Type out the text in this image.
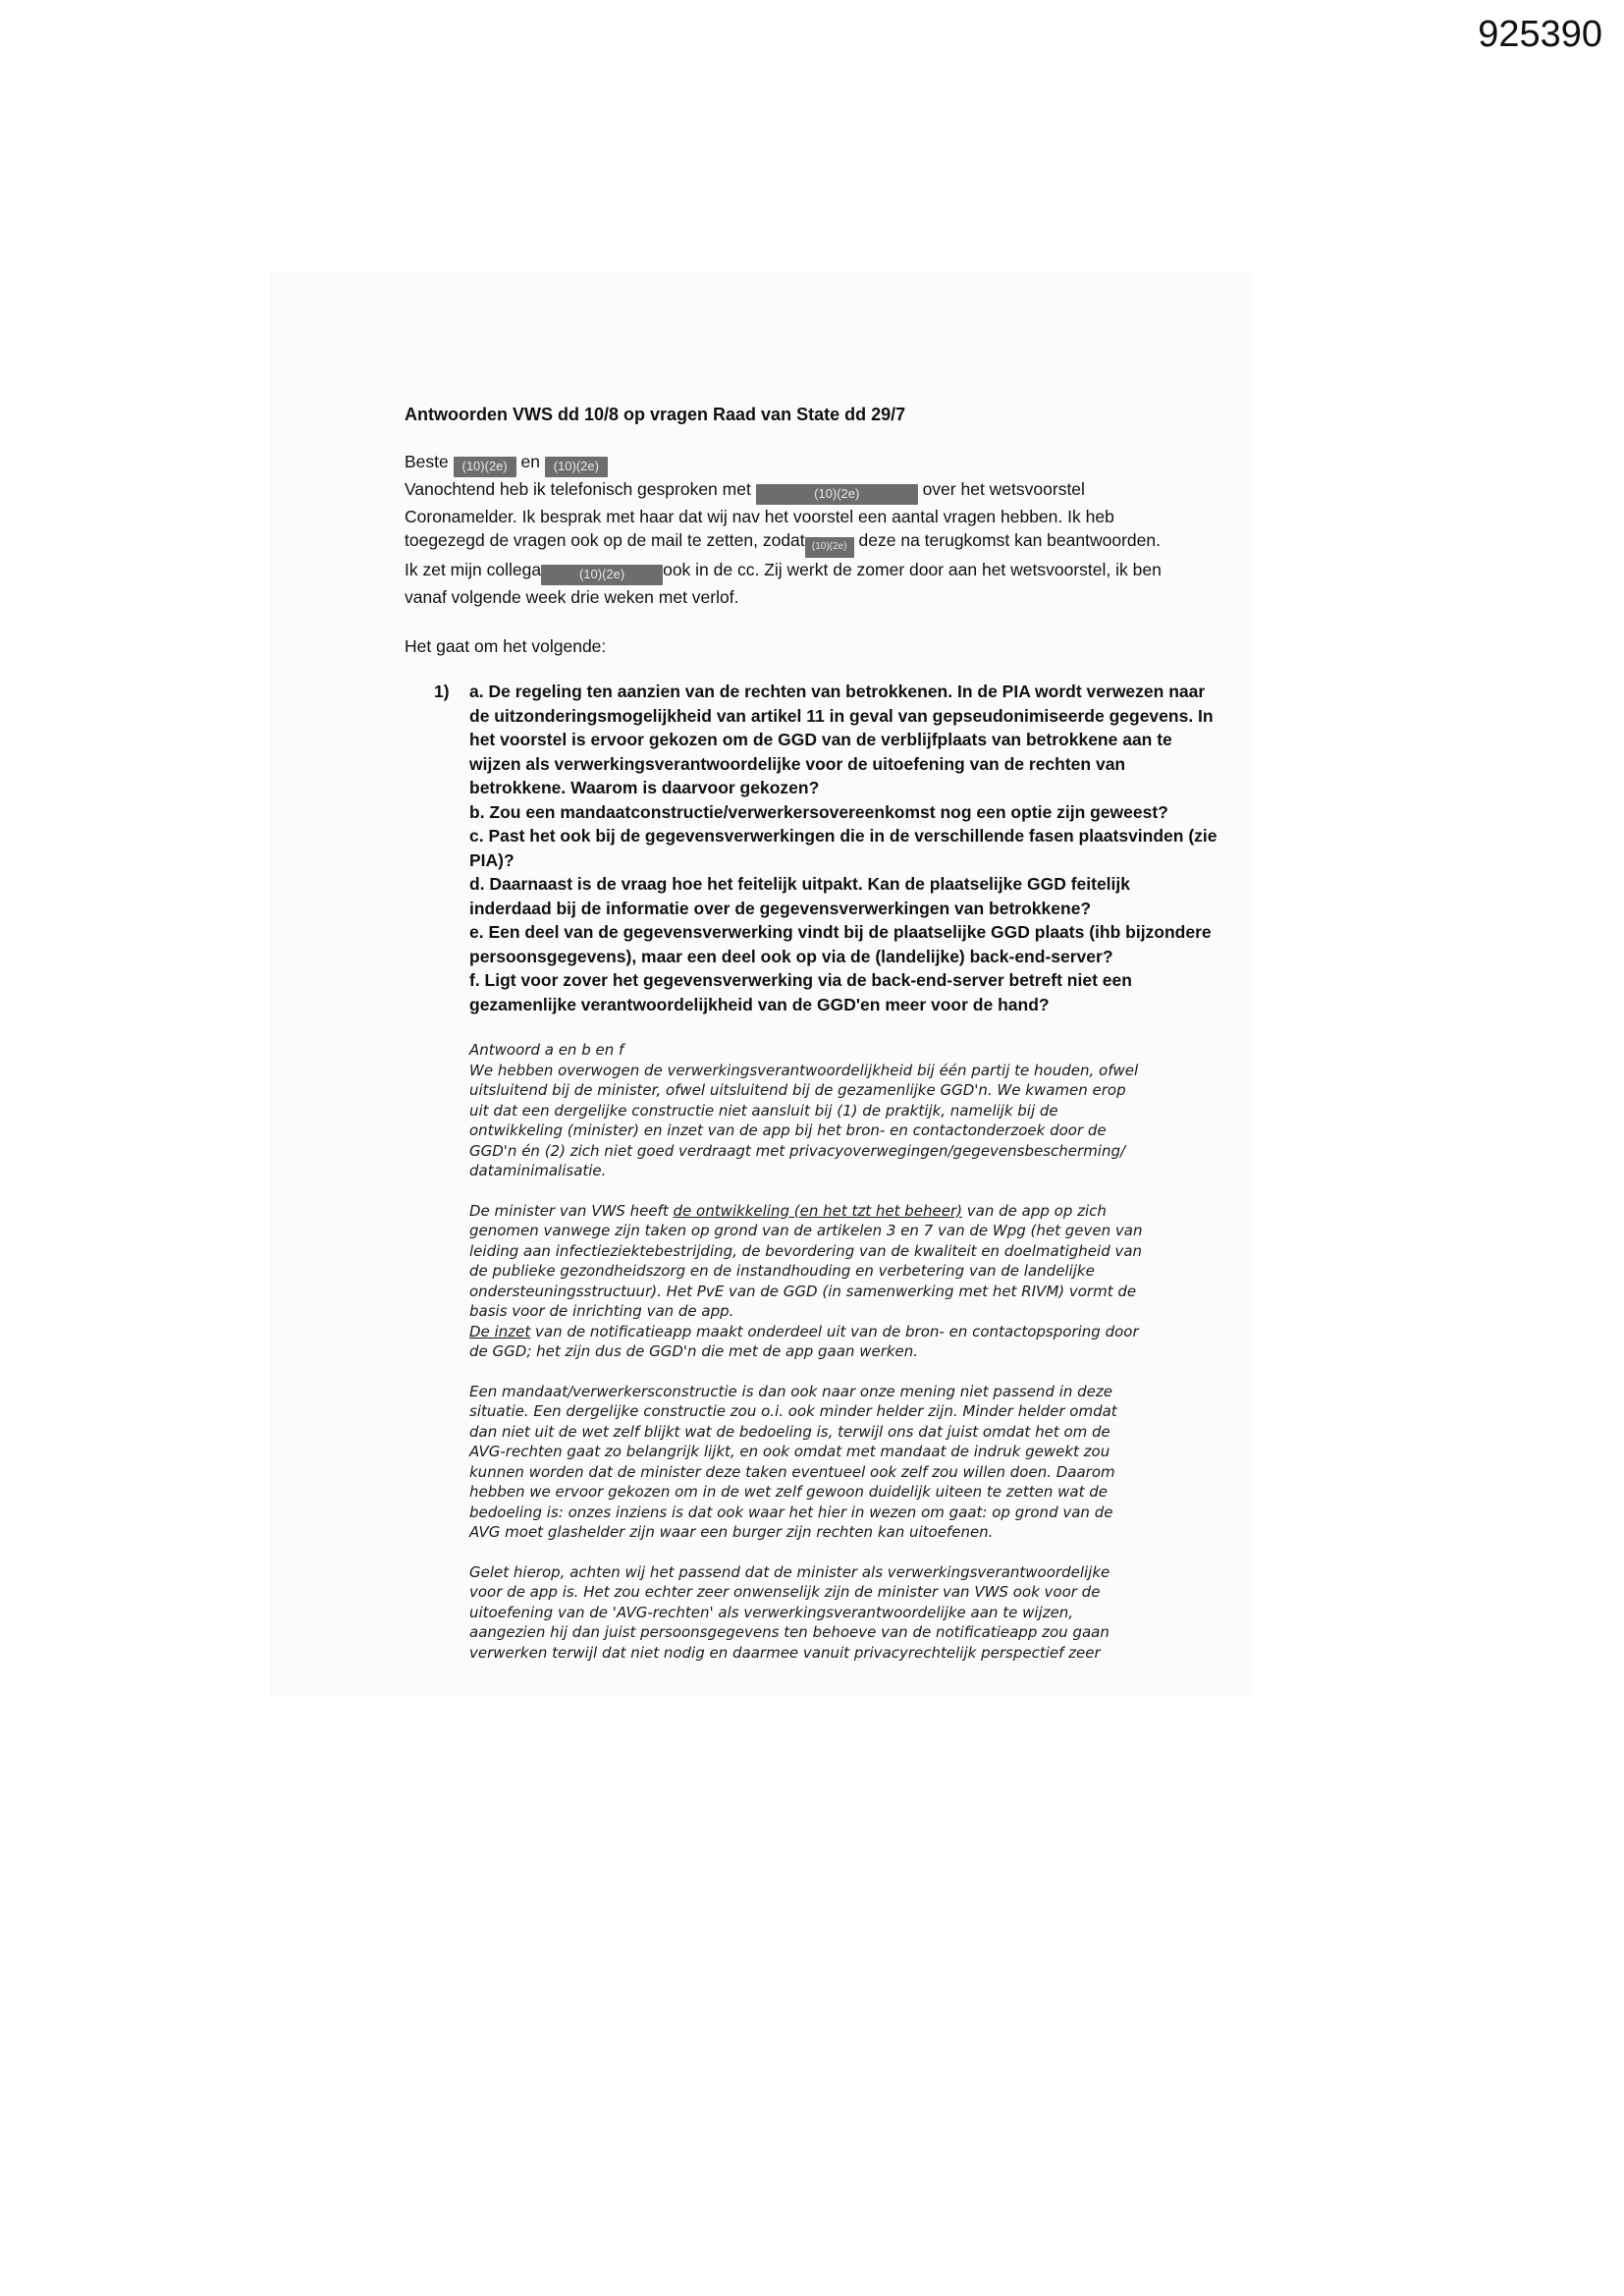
925390

Antwoorden VWS dd 10/8 op vragen Raad van State dd 29/7

Beste (10)(2e) en (10)(2e)

Vanochtend heb ik telefonisch gesproken met	(10)(2e)	over het wetsvoorstel

Coronamelder. Ik besprak met haar dat wij nav het voorstel een aantal vragen hebben. Ik heb

toegezegd de vragen ook op de mail te zetten, zodat (10)(2e) deze na terugkomst kan beantwoorden.

Ik zet mijn collega	(10)(2e) ook in de cc. Zij werkt de zomer door aan het wetsvoorstel, ik ben

vanaf volgende week drie weken met verlof.

Het gaat om het volgende:

1) a. De regeling ten aanzien van de rechten van betrokkenen. In de PIA wordt verwezen naar

de uitzonderingsmogelijkheid van artikel 11 in geval van gepseudonimiseerde gegevens. In

het voorstel is ervoor gekozen om de GGD van de verblijfplaats van betrokkene aan te

wijzen als verwerkingsverantwoordelijke voor de uitoefening van de rechten van

betrokkene. Waarom is daarvoor gekozen?

b. Zou een mandaatconstructie/verwerkersovereenkomst nog een optie zijn geweest?

c. Past het ook bij de gegevensverwerkingen die in de verschillende fasen plaatsvinden (zie

PIA)?

d. Daarnaast is de vraag hoe het feitelijk uitpakt. Kan de plaatselijke GGD feitelijk

inderdaad bij de informatie over de gegevensverwerkingen van betrokkene?

e. Een deel van de gegevensverwerking vindt bij de plaatselijke GGD plaats (ihb bijzondere

persoonsgegevens), maar een deel ook op via de (landelijke) back-end-server?

f. Ligt voor zover het gegevensverwerking via de back-end-server betreft niet een

gezamenlijke verantwoordelijkheid van de GGD'en meer voor de hand?

Antwoord a en b en f

We hebben overwogen de verwerkingsverantwoordelijkheid bij één partij te houden, ofwel

uitsluitend bij de minister, ofwel uitsluitend bij de gezamenlijke GGD'n. We kwamen erop

uit dat een dergelijke constructie niet aansluit bij (1) de praktijk, namelijk bij de

ontwikkeling (minister) en inzet van de app bij het bron- en contactonderzoek door de

GGD'n én (2) zich niet goed verdraagt met privacyoverwegingen/gegevensbescherming/

dataminimalisatie.

De minister van VWS heeft de ontwikkeling (en het tzt het beheer) van de app op zich

genomen vanwege zijn taken op grond van de artikelen 3 en 7 van de Wpg (het geven van

leiding aan infectieziektebestrijding, de bevordering van de kwaliteit en doelmatigheid van

de publieke gezondheidszorg en de instandhouding en verbetering van de landelijke

ondersteuningsstructuur). Het PvE van de GGD (in samenwerking met het RIVM) vormt de

basis voor de inrichting van de app.

De inzet van de notificatieapp maakt onderdeel uit van de bron- en contactopsporing door

de GGD; het zijn dus de GGD'n die met de app gaan werken.

Een mandaat/verwerkersconstructie is dan ook naar onze mening niet passend in deze

situatie. Een dergelijke constructie zou o.i. ook minder helder zijn. Minder helder omdat

dan niet uit de wet zelf blijkt wat de bedoeling is, terwijl ons dat juist omdat het om de

AVG-rechten gaat zo belangrijk lijkt, en ook omdat met mandaat de indruk gewekt zou

kunnen worden dat de minister deze taken eventueel ook zelf zou willen doen. Daarom

hebben we ervoor gekozen om in de wet zelf gewoon duidelijk uiteen te zetten wat de

bedoeling is: onzes inziens is dat ook waar het hier in wezen om gaat: op grond van de

AVG moet glashelder zijn waar een burger zijn rechten kan uitoefenen.

Gelet hierop, achten wij het passend dat de minister als verwerkingsverantwoordelijke

voor de app is. Het zou echter zeer onwenselijk zijn de minister van VWS ook voor de

uitoefening van de 'AVG-rechten' als verwerkingsverantwoordelijke aan te wijzen,

aangezien hij dan juist persoonsgegevens ten behoeve van de notificatieapp zou gaan

verwerken terwijl dat niet nodig en daarmee vanuit privacyrechtelijk perspectief zeer
